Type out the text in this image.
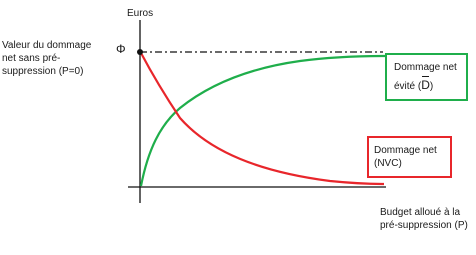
Valeur du dommage
net sans pré-
suppression (P=0)
Euros
Φ
Budget alloué à la
pré-suppression (P)
Dommage net
évité (D)
Dommage net
(NVC)
